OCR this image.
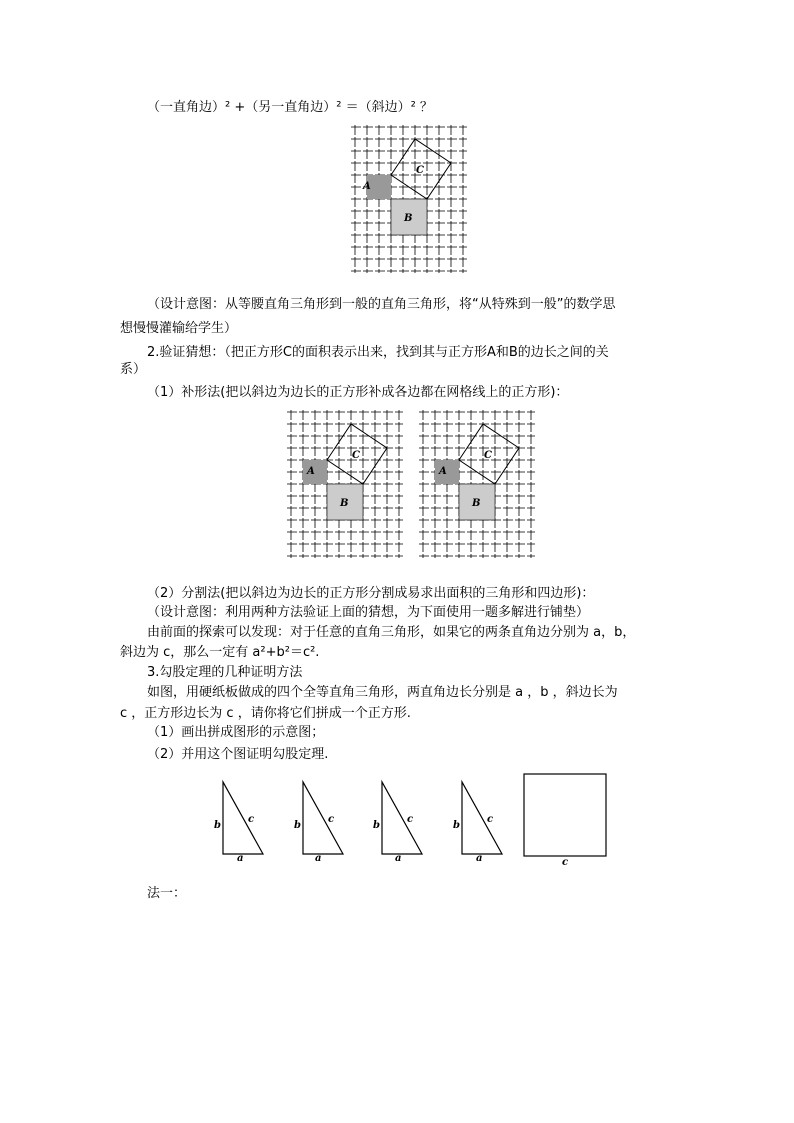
（一直角边）² +（另一直角边）² ＝（斜边）² ？
A
B
C
（设计意图：从等腰直角三角形到一般的直角三角形，将“从特殊到一般”的数学思
想慢慢灌输给学生）
2.验证猜想：（把正方形C的面积表示出来，找到其与正方形A和B的边长之间的关
系）
（1）补形法(把以斜边为边长的正方形补成各边都在网格线上的正方形)：
A
B
C
A
B
C
（2）分割法(把以斜边为边长的正方形分割成易求出面积的三角形和四边形)：
（设计意图：利用两种方法验证上面的猜想，为下面使用一题多解进行铺垫）
由前面的探索可以发现：对于任意的直角三角形，如果它的两条直角边分别为 a，b，
斜边为 c，那么一定有 a²+b²＝c².
3.勾股定理的几种证明方法
如图，用硬纸板做成的四个全等直角三角形，两直角边长分别是 a ，b ，斜边长为
c ，正方形边长为 c ，请你将它们拼成一个正方形.
（1）画出拼成图形的示意图；
（2）并用这个图证明勾股定理.
b
c
a
b
c
a
b
c
a
b
c
a	c
法一：
